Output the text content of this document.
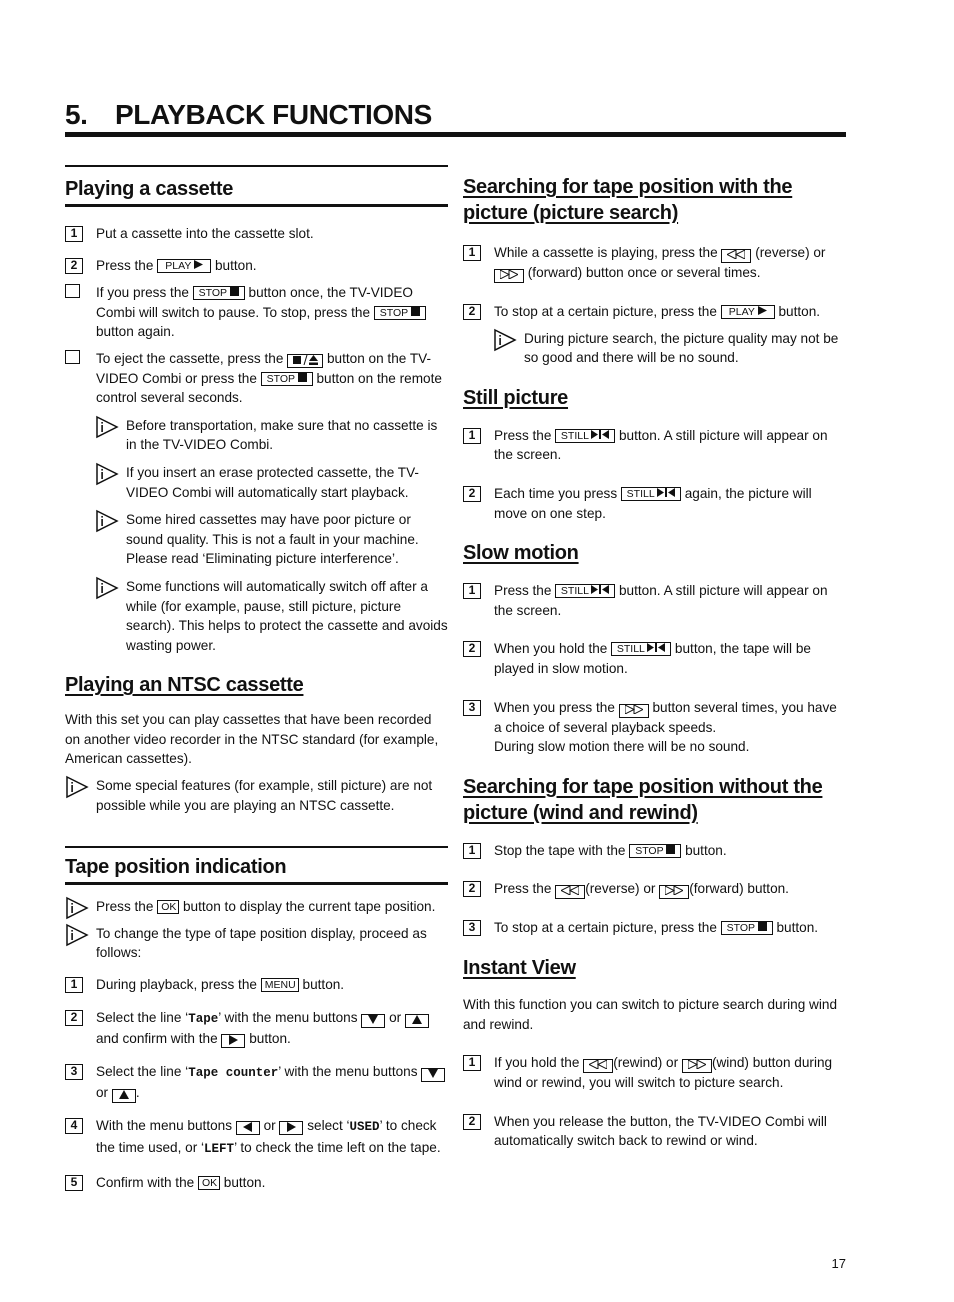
5. PLAYBACK FUNCTIONS
Playing a cassette
1	Put a cassette into the cassette slot.
2	Press the PLAY button.
If you press the STOP button once, the TV-VIDEO Combi will switch to pause. To stop, press the STOP  button again.
To eject the cassette, press the	button on the TV-VIDEO Combi or press the STOP button on the remote control several seconds.
Before transportation, make sure that no cassette is in the TV-VIDEO Combi.
If you insert an erase protected cassette, the TV-VIDEO Combi will automatically start playback.
Some hired cassettes may have poor picture or sound quality. This is not a fault in your machine. Please read ‘Eliminating picture interference’.
Some functions will automatically switch off after a while (for example, pause, still picture, picture search). This helps to protect the cassette and avoids wasting power.
Playing an NTSC cassette
With this set you can play cassettes that have been recorded on another video recorder in the NTSC standard (for example, American cassettes).
Some special features (for example, still picture) are not possible while you are playing an NTSC cassette.
Tape position indication
Press the OK button to display the current tape position.
To change the type of tape position display, proceed as follows:
1	During playback, press the MENU button.
2	Select the line ‘Tape’ with the menu buttons or  and confirm with the button.
3	Select the line ‘Tape counter’ with the menu buttons  or .
4	With the menu buttons or select ‘USED’ to check the time used, or ‘LEFT’ to check the time left on the tape.
5	Confirm with the OK button.
Searching for tape position with the picture (picture search)
1	While a cassette is playing, press the	(reverse) or  (forward) button once or several times.
2	To stop at a certain picture, press the PLAY button.
During picture search, the picture quality may not be so good and there will be no sound.
Still picture
1	Press the STILL button. A still picture will appear on the screen.
2	Each time you press STILL again, the picture will move on one step.
Slow motion
1	Press the STILL button. A still picture will appear on the screen.
2	When you hold the STILL button, the tape will be played in slow motion.
3	When you press the	button several times, you have a choice of several playback speeds.
During slow motion there will be no sound.
Searching for tape position without the picture (wind and rewind)
1	Stop the tape with the STOP button.
2	Press the (reverse) or (forward) button.
3	To stop at a certain picture, press the STOP button.
Instant View
With this function you can switch to picture search during wind and rewind.
1	If you hold the (rewind) or (wind) button during wind or rewind, you will switch to picture search.
2	When you release the button, the TV-VIDEO Combi will automatically switch back to rewind or wind.
17
